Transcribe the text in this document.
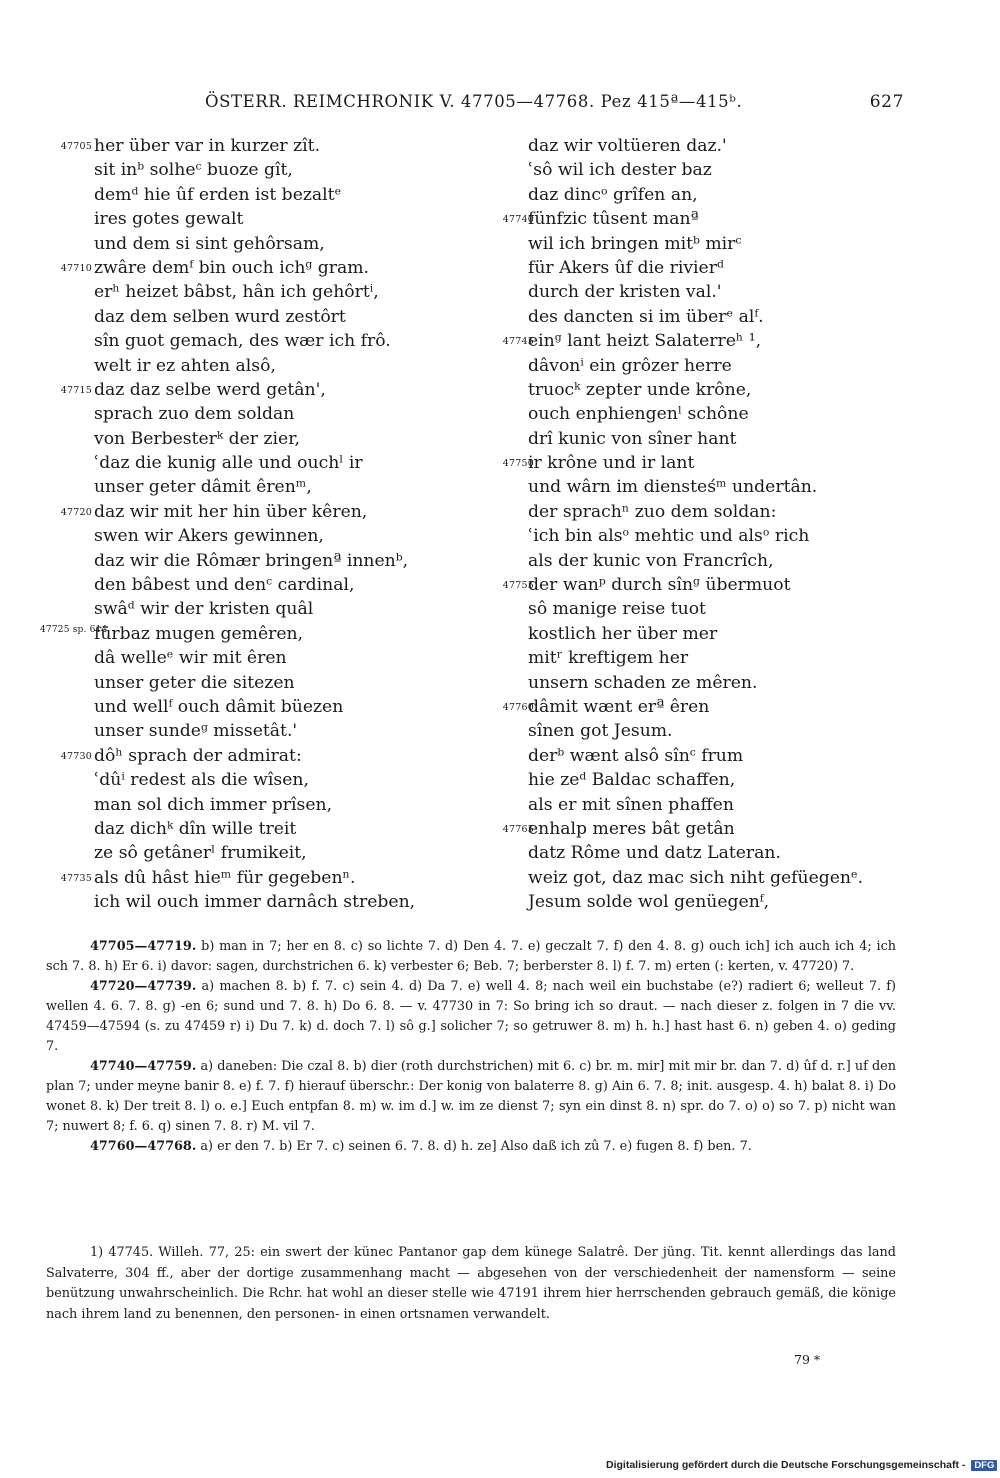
ÖSTERR. REIMCHRONIK V. 47705—47768. Pez 415ª—415ᵇ.	627
47705 her über var in kurzer zît.
sit inᵇ solheᶜ buoze gît,
demᵈ hie ûf erden ist bezaltᵉ
ires gotes gewalt
und dem si sint gehôrsam,
47710 zwâre demᶠ bin ouch ichᵍ gram.
erʰ heizet bâbst, hân ich gehôrtⁱ,
daz dem selben wurd zestôrt
sîn guot gemach, des wær ich frô.
welt ir ez ahten alsô,
47715 daz daz selbe werd getân',
sprach zuo dem soldan
von Berbesterᵏ der zier,
ʿdaz die kunig alle und ouchˡ ir
unser geter dâmit êrenᵐ,
47720 daz wir mit her hin über kêren,
swen wir Akers gewinnen,
daz wir die Rômær bringenª innenᵇ,
den bâbest und denᶜ cardinal,
swâᵈ wir der kristen quâl
47725 sp. 614
fürbaz mugen gemêren,
dâ welleᵉ wir mit êren
unser geter die sitezen
und wellᶠ ouch dâmit büezen
unser sundeᵍ missetât.'
47730 dôʰ sprach der admirat:
ʿdûⁱ redest als die wîsen,
man sol dich immer prîsen,
daz dichᵏ dîn wille treit
ze sô getânerˡ frumikeit,
47735 als dû hâst hieᵐ für gegebenⁿ.
ich wil ouch immer darnâch streben,
daz wir voltüeren daz.'
ʿsô wil ich dester baz
daz dincᵒ grîfen an,
47740
fünfzic tûsent manª
wil ich bringen mitᵇ mirᶜ
für Akers ûf die rivierᵈ
durch der kristen val.'
des dancten si im überᵉ alᶠ.
47745
einᵍ lant heizt Salaterreʰ ¹,
dâvonⁱ ein grôzer herre
truocᵏ zepter unde krône,
ouch enphiengenˡ schône
drî kunic von sîner hant
47750
ir krône und ir lant
und wârn im diensteśᵐ undertân.
der sprachⁿ zuo dem soldan:
ʿich bin alsᵒ mehtic und alsᵒ rich
als der kunic von Francrîch,
47755
der wanᵖ durch sînᵍ übermuot
sô manige reise tuot
kostlich her über mer
mitʳ kreftigem her
unsern schaden ze mêren.
47760
dâmit wænt erª êren
sînen got Jesum.
derᵇ wænt alsô sînᶜ frum
hie zeᵈ Baldac schaffen,
als er mit sînen phaffen
47765
enhalp meres bât getân
datz Rôme und datz Lateran.
weiz got, daz mac sich niht gefüegenᵉ.
Jesum solde wol genüegenᶠ,

47705—47719. b) man in 7; her en 8. c) so lichte 7. d) Den 4. 7. e) geczalt 7. f) den 4. 8. g) ouch ich] ich auch ich 4; ich sch 7. 8. h) Er 6. i) davor: sagen, durchstrichen 6. k) verbester 6; Beb. 7; berberster 8. l) f. 7. m) erten (: kerten, v. 47720) 7.

47720—47739. a) machen 8. b) f. 7. c) sein 4. d) Da 7. e) well 4. 8; nach weil ein buchstabe (e?) radiert 6; welleut 7. f) wellen 4. 6. 7. 8. g) -en 6; sund und 7. 8. h) Do 6. 8. — v. 47730 in 7: So bring ich so draut. — nach dieser z. folgen in 7 die vv. 47459—47594 (s. zu 47459 r) i) Du 7. k) d. doch 7. l) sô g.] solicher 7; so getruwer 8. m) h. h.] hast hast 6. n) geben 4. o) geding 7.

47740—47759. a) daneben: Die czal 8. b) dier (roth durchstrichen) mit 6. c) br. m. mir] mit mir br. dan 7. d) ûf d. r.] uf den plan 7; under meyne banir 8. e) f. 7. f) hierauf überschr.: Der konig von balaterre 8. g) Ain 6. 7. 8; init. ausgesp. 4. h) balat 8. i) Do wonet 8. k) Der treit 8. l) o. e.] Euch entpfan 8. m) w. im d.] w. im ze dienst 7; syn ein dinst 8. n) spr. do 7. o) o) so 7. p) nicht wan 7; nuwert 8; f. 6. q) sinen 7. 8. r) M. vil 7.

47760—47768. a) er den 7. b) Er 7. c) seinen 6. 7. 8. d) h. ze] Also daß ich zû 7. e) fugen 8. f) ben. 7.

1) 47745. Willeh. 77, 25: ein swert der künec Pantanor gap dem künege Salatrê. Der jüng. Tit. kennt allerdings das land Salvaterre, 304 ff., aber der dortige zusammenhang macht — abgesehen von der verschiedenheit der namensform — seine benützung unwahrscheinlich. Die Rchr. hat wohl an dieser stelle wie 47191 ihrem hier herrschenden gebrauch gemäß, die könige nach ihrem land zu benennen, den personen- in einen ortsnamen verwandelt.

79 *
Digitalisierung gefördert durch die Deutsche Forschungsgemeinschaft - DFG
